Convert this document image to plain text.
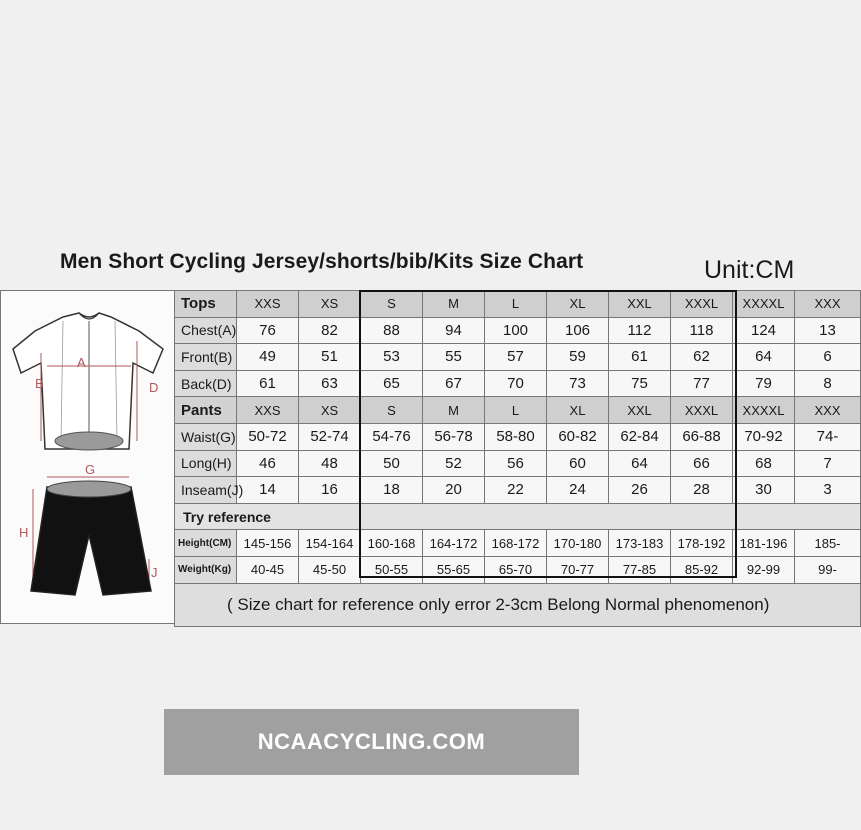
Men Short Cycling Jersey/shorts/bib/Kits Size Chart	Unit:CM
A
B	D
G
H
J
Tops	XXS	XS	S	M	L	XL	XXL	XXXL	XXXXL	XXX
Chest(A)	76	82	88	94	100	106	112	118	124	13
Front(B)	49	51	53	55	57	59	61	62	64	6
Back(D)	61	63	65	67	70	73	75	77	79	8
Pants	XXS	XS	S	M	L	XL	XXL	XXXL	XXXXL	XXX
Waist(G)	50-72	52-74	54-76	56-78	58-80	60-82	62-84	66-88	70-92	74-
Long(H)	46	48	50	52	56	60	64	66	68	7
Inseam(J)	14	16	18	20	22	24	26	28	30	3
Try reference										
Height(CM)	145-156	154-164	160-168	164-172	168-172	170-180	173-183	178-192	181-196	185-
Weight(Kg)	40-45	45-50	50-55	55-65	65-70	70-77	77-85	85-92	92-99	99-
( Size chart for reference only error 2-3cm Belong Normal phenomenon)										
NCAACYCLING.COM
